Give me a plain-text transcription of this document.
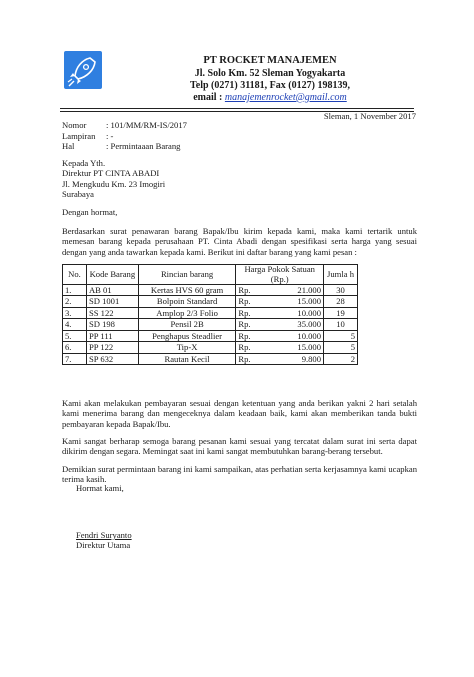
PT ROCKET MANAJEMEN
Jl. Solo Km. 52 Sleman Yogyakarta
Telp (0271) 31181, Fax (0127) 198139,
email : manajemenrocket@gmail.com
Sleman, 1 November 2017
Nomor	: 101/MM/RM-IS/2017
Lampiran	: -
Hal	: Permintaaan Barang
Kepada Yth.
Direktur PT CINTA ABADI
Jl. Mengkudu Km. 23 Imogiri
Surabaya
Dengan hormat,
Berdasarkan surat penawaran barang Bapak/Ibu kirim kepada kami, maka kami tertarik untuk memesan barang kepada perusahaan PT. Cinta Abadi dengan spesifikasi serta harga yang sesuai dengan yang anda tawarkan kepada kami. Berikut ini daftar barang yang kami pesan :
No.	Kode Barang	Rincian barang	Harga Pokok Satuan (Rp.)	Jumla h
1.	AB 01	Kertas HVS 60 gram	Rp. 21.000	30
2.	SD 1001	Bolpoin Standard	Rp. 15.000	28
3.	SS 122	Amplop 2/3 Folio	Rp. 10.000	19
4.	SD 198	Pensil 2B	Rp. 35.000	10
5.	PP 111	Penghapus Steadlier	Rp. 10.000	5
6.	PP 122	Tip-X	Rp. 15.000	5
7.	SP 632	Rautan Kecil	Rp. 9.800	2
Kami akan melakukan pembayaran sesuai dengan ketentuan yang anda berikan yakni 2 hari setalah kami menerima barang dan mengeceknya dalam keadaan baik, kami akan memberikan tanda bukti pembayaran kepada Bapak/Ibu.
Kami sangat berharap semoga barang pesanan kami sesuai yang tercatat dalam surat ini serta dapat dikirim dengan segara. Memingat saat ini kami sangat membutuhkan barang-berang tersebut.
Demikian surat permintaan barang ini kami sampaikan, atas perhatian serta kerjasamnya kami ucapkan terima kasih.
Hormat kami,
Fendri Suryanto
Direktur Utama
